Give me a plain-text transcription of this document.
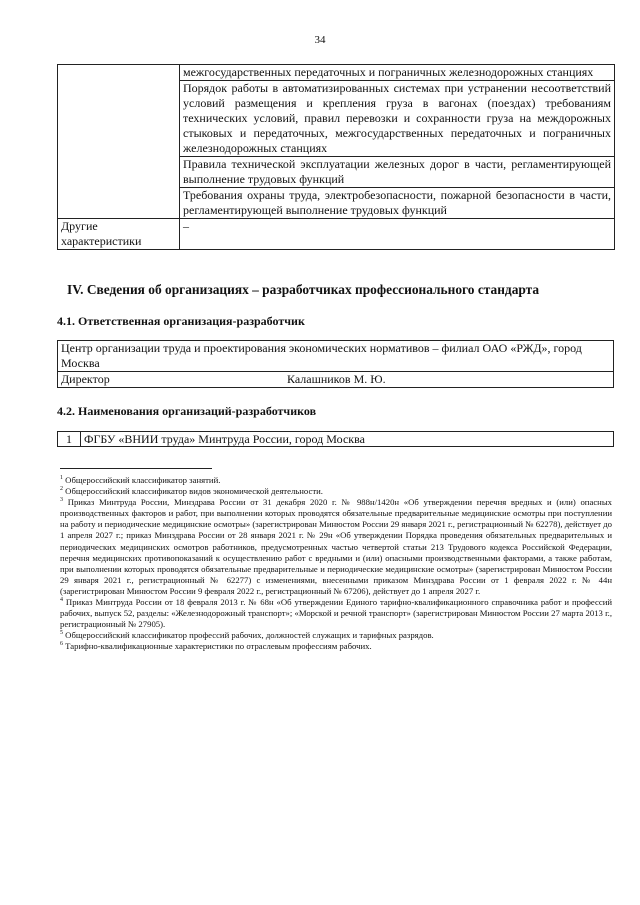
34
	межгосударственных передаточных и пограничных железнодорожных станциях
	Порядок работы в автоматизированных системах при устранении несоответствий условий размещения и крепления груза в вагонах (поездах) требованиям технических условий, правил перевозки и сохранности груза на междорожных стыковых и передаточных, межгосударственных передаточных и пограничных железнодорожных станциях
	Правила технической эксплуатации железных дорог в части, регламентирующей выполнение трудовых функций
	Требования охраны труда, электробезопасности, пожарной безопасности в части, регламентирующей выполнение трудовых функций
Другие характеристики	–
IV. Сведения об организациях – разработчиках профессионального стандарта
4.1. Ответственная организация-разработчик
Центр организации труда и проектирования экономических нормативов – филиал ОАО «РЖД», город Москва
Директор	Калашников М. Ю.
4.2. Наименования организаций-разработчиков
1	ФГБУ «ВНИИ труда» Минтруда России, город Москва

$^1$ Общероссийский классификатор занятий.

$^2$ Общероссийский классификатор видов экономической деятельности.

$^3$ Приказ Минтруда России, Минздрава России от 31 декабря 2020 г. № 988н/1420н «Об утверждении перечня вредных и (или) опасных производственных факторов и работ, при выполнении которых проводятся обязательные предварительные медицинские осмотры при поступлении на работу и периодические медицинские осмотры» (зарегистрирован Минюстом России 29 января 2021 г., регистрационный № 62278), действует до 1 апреля 2027 г.; приказ Минздрава России от 28 января 2021 г. № 29н «Об утверждении Порядка проведения обязательных предварительных и периодических медицинских осмотров работников, предусмотренных частью четвертой статьи 213 Трудового кодекса Российской Федерации, перечня медицинских противопоказаний к осуществлению работ с вредными и (или) опасными производственными факторами, а также работам, при выполнении которых проводятся обязательные предварительные и периодические медицинские осмотры» (зарегистрирован Минюстом России 29 января 2021 г., регистрационный № 62277) с изменениями, внесенными приказом Минздрава России от 1 февраля 2022 г. № 44н (зарегистрирован Минюстом России 9 февраля 2022 г., регистрационный № 67206), действует до 1 апреля 2027 г.

$^4$ Приказ Минтруда России от 18 февраля 2013 г. № 68н «Об утверждении Единого тарифно-квалификационного справочника работ и профессий рабочих, выпуск 52, разделы: «Железнодорожный транспорт»; «Морской и речной транспорт» (зарегистрирован Минюстом России 27 марта 2013 г., регистрационный № 27905).

$^5$ Общероссийский классификатор профессий рабочих, должностей служащих и тарифных разрядов.

$^6$ Тарифно-квалификационные характеристики по отраслевым профессиям рабочих.
